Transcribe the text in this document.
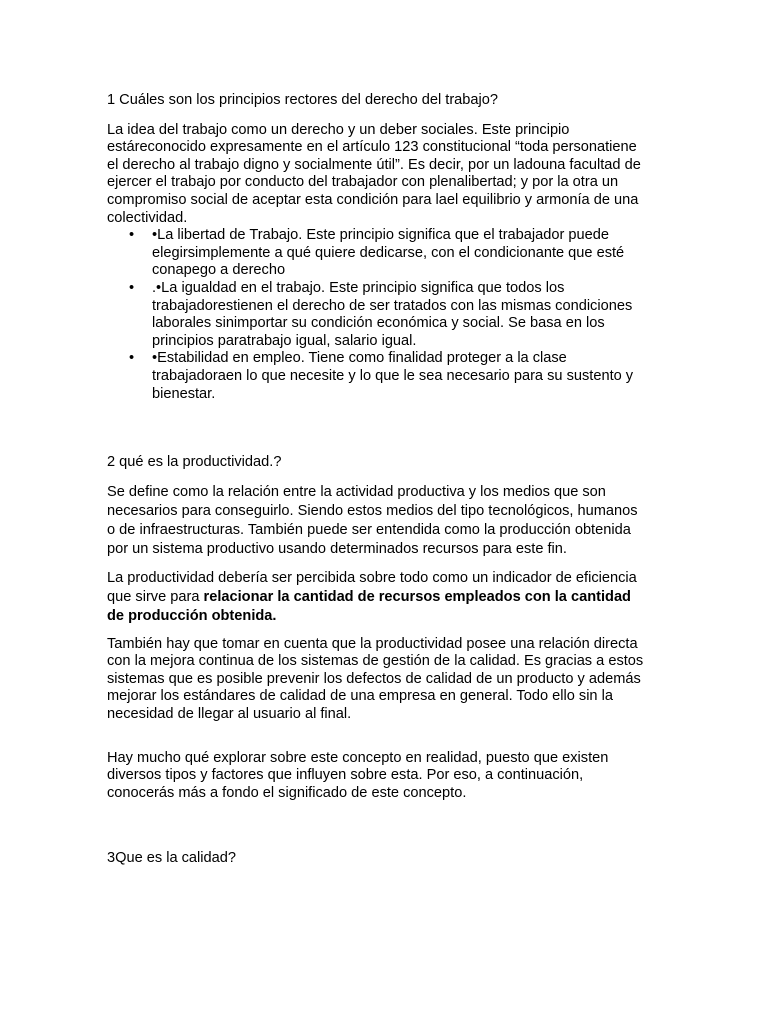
1 Cuáles son los principios rectores del derecho del trabajo?

La idea del trabajo como un derecho y un deber sociales. Este principio
estáreconocido expresamente en el artículo 123 constitucional “toda personatiene
el derecho al trabajo digno y socialmente útil”. Es decir, por un ladouna facultad de
ejercer el trabajo por conducto del trabajador con plenalibertad; y por la otra un
compromiso social de aceptar esta condición para lael equilibrio y armonía de una
colectividad.

• •La libertad de Trabajo. Este principio significa que el trabajador puede
elegirsimplemente a qué quiere dedicarse, con el condicionante que esté
conapego a derecho
• .•La igualdad en el trabajo. Este principio significa que todos los
trabajadorestienen el derecho de ser tratados con las mismas condiciones
laborales sinimportar su condición económica y social. Se basa en los
principios paratrabajo igual, salario igual.
• •Estabilidad en empleo. Tiene como finalidad proteger a la clase
trabajadoraen lo que necesite y lo que le sea necesario para su sustento y
bienestar.

2 qué es la productividad.?

Se define como la relación entre la actividad productiva y los medios que son
necesarios para conseguirlo. Siendo estos medios del tipo tecnológicos, humanos
o de infraestructuras. También puede ser entendida como la producción obtenida
por un sistema productivo usando determinados recursos para este fin.

La productividad debería ser percibida sobre todo como un indicador de eficiencia
que sirve para relacionar la cantidad de recursos empleados con la cantidad
de producción obtenida.

También hay que tomar en cuenta que la productividad posee una relación directa
con la mejora continua de los sistemas de gestión de la calidad. Es gracias a estos
sistemas que es posible prevenir los defectos de calidad de un producto y además
mejorar los estándares de calidad de una empresa en general. Todo ello sin la
necesidad de llegar al usuario al final.

Hay mucho qué explorar sobre este concepto en realidad, puesto que existen
diversos tipos y factores que influyen sobre esta. Por eso, a continuación,
conocerás más a fondo el significado de este concepto.

3Que es la calidad?
